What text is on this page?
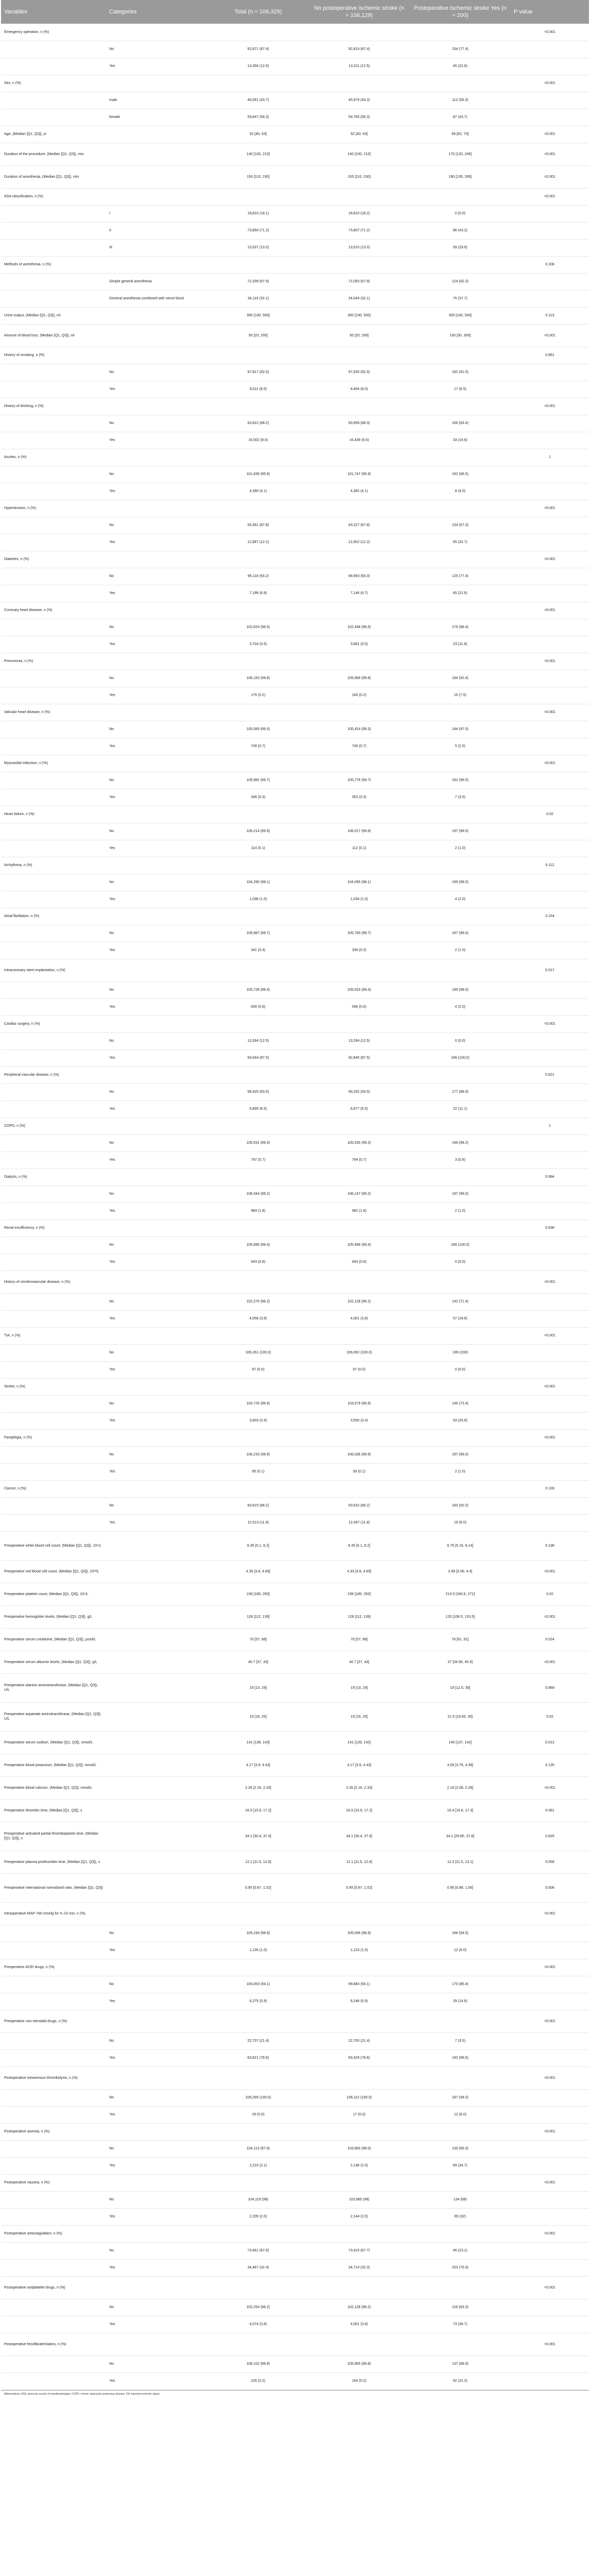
Variables	Categories	Total (n = 106,329)	No postoperative ischemic stroke (n = 106,129)	Postoperative ischemic stroke Yes (n = 200)	P value
Emergency operation, n (%)					<0.001
	No	92,871 (87.4)	92,819 (87.4)	154 (77.4)	
	Yes	13,356 (12.6)	13,311 (12.5)	45 (22.6)	
Sex, n (%)					<0.001
	male	46,091 (43.7)	45,979 (43.3)	112 (56.3)	
	female	59,847 (56.3)	59,760 (56.3)	87 (43.7)	
Age, (Median [Q1, Q3]), yr		52 [40, 63]	52 [40, 63]	66 [62, 75]	<0.001
Duration of the procedure, (Median [Q1, Q3]), min		140 [100, 210]	140 [100, 210]	170 [120, 245]	<0.001
Duration of anesthesia, (Median [Q1, Q3]), min		150 [110, 230]	155 [110, 230]	190 [135, 265]	<0.001
ASA classification, n (%)					<0.001
	I	18,810 (18.1)	18,810 (18.2)	0 (0.0)	
	II	73,850 (71.2)	73,807 (71.2)	86 (43.2)	
	III	13,537 (13.0)	13,510 (13.0)	59 (29.6)	
Methods of anesthesia, n (%)					0.108
	Simple general anesthesia	72,209 (67.9)	72,083 (67.9)	124 (62.3)	
	General anesthesia combined with nerve block	34,119 (32.1)	34,044 (32.1)	75 (37.7)	
Urine output, (Median [Q1, Q3]), ml		300 [100, 500]	300 [100, 500]	300 [100, 500]	0.113
Amount of blood loss, (Median [Q1, Q3]), ml		50 [20, 200]	50 [20, 200]	100 [30, 300]	<0.001
History of smoking, n (%)					0.661
	No	97,817 (92.0)	97,635 (92.0)	182 (91.5)	
	Yes	8,511 (8.0)	8,494 (8.0)	17 (8.5)	
History of drinking, n (%)					<0.001
	No	93,822 (88.2)	93,658 (88.3)	166 (83.4)	
	Yes	16,502 (9.0)	16,439 (9.0)	33 (16.6)	
Ascites, n (%)					1
	No	101,939 (95.9)	101,747 (95.9)	192 (96.5)	
	Yes	4,390 (4.1)	4,382 (4.1)	8 (4.0)	
Hypertension, n (%)					<0.001
	No	93,361 (87.8)	93,227 (87.8)	134 (67.3)	
	Yes	12,967 (12.2)	12,902 (12.2)	65 (32.7)	
Diabetes, n (%)					<0.001
	No	99,118 (93.2)	98,993 (93.3)	125 (77.4)	
	Yes	7,199 (6.8)	7,146 (6.7)	45 (22.6)	
Coronary heart disease, n (%)					<0.001
	No	102,624 (96.5)	102,448 (96.5)	176 (88.4)	
	Yes	3,704 (3.5)	3,681 (3.5)	23 (11.6)	
Pneumonia, n (%)					<0.001
	No	106,153 (99.8)	105,969 (99.8)	184 (92.4)	
	Yes	175 (0.2)	160 (0.2)	15 (7.5)	
Valvular heart disease, n (%)					<0.001
	No	105,583 (99.3)	105,424 (99.3)	184 (97.5)	
	Yes	745 (0.7)	740 (0.7)	5 (2.5)	
Myocardial infarction, n (%)					<0.001
	No	105,982 (99.7)	105,776 (99.7)	192 (96.5)	
	Yes	346 (0.3)	353 (0.3)	7 (3.5)	
Heart failure, n (%)					0.02
	No	106,214 (99.9)	106,017 (99.9)	197 (99.0)	
	Yes	114 (0.1)	112 (0.1)	2 (1.0)	
Arrhythmia, n (%)					0.112
	No	104,290 (98.1)	104,095 (98.1)	195 (98.0)	
	Yes	1,038 (1.0)	1,034 (1.0)	4 (2.0)	
Atrial fibrillation, n (%)					0.154
	No	105,987 (99.7)	105,790 (99.7)	197 (99.0)	
	Yes	341 (0.3)	339 (0.3)	2 (1.0)	
Intracoronary stent implantation, n (%)					0.017
	No	105,728 (99.4)	105,533 (99.4)	195 (98.0)	
	Yes	600 (0.6)	596 (0.6)	4 (2.0)	
Cardiac surgery, n (%)					<0.001
	No	13,284 (12.5)	13,284 (12.5)	0 (0.0)	
	Yes	93,044 (87.5)	92,845 (87.5)	199 (100.0)	
Peripheral vascular disease, n (%)					0.621
	No	99,429 (93.5)	99,252 (93.5)	177 (88.9)	
	Yes	6,899 (6.5)	6,877 (6.5)	22 (11.1)	
COPD, n (%)					1
	No	105,531 (99.3)	105,335 (99.3)	196 (99.2)	
	Yes	797 (0.7)	794 (0.7)	3 (0.8)	
Dialysis, n (%)					0.994
	No	106,344 (99.2)	106,147 (99.2)	197 (99.0)	
	Yes	984 (1.8)	982 (1.8)	2 (1.0)	
Renal insufficiency, n (%)					0.636
	No	105,685 (99.4)	105,486 (99.4)	199 (100.0)	
	Yes	643 (0.6)	643 (0.6)	0 (0.0)	
History of cerebrovascular disease, n (%)					<0.001
	No	102,270 (96.2)	102,128 (96.2)	142 (71.4)	
	Yes	4,058 (3.8)	4,001 (3.8)	57 (28.6)	
TIA, n (%)					<0.001
	No	106,261 (100.0)	106,062 (100.0)	199 (100)	
	Yes	67 (0.0)	67 (0.0)	0 (0.0)	
Stroke, n (%)					<0.001
	No	103,725 (96.6)	103,579 (96.6)	146 (73.4)	
	Yes	3,603 (3.4)	3,550 (3.4)	53 (26.6)	
Paraplegia, n (%)					<0.001
	No	106,233 (99.9)	106,036 (99.9)	197 (99.0)	
	Yes	95 (0.1)	93 (0.1)	2 (1.0)	
Cancer, n (%)					0.139
	No	93,815 (88.2)	93,632 (88.2)	183 (92.0)	
	Yes	12,513 (11.8)	12,497 (11.8)	16 (8.0)	
Preoperative white blood cell count, (Median [Q1, Q3]), 10⁹/L		6.35 [5.1, 8.2]	6.35 [5.1, 8.2]	6.75 [5.16, 8.14]	0.138
Preoperative red blood cell count, (Median [Q1, Q3]), 10¹²/L		4.35 [3.8, 4.69]	4.33 [3.8, 4.69]	3.99 [3.56, 4.4]	<0.001
Preoperative platelet count, (Median [Q1, Q3]), 10⁹/L		236 [185, 293]	236 [185, 293]	210.5 [160.5, 271]	0.02
Preoperative hemoglobin levels, (Median [Q1, Q3]), g/L		128 [112, 139]	128 [112, 139]	120 [108.5, 133.5]	<0.001
Preoperative serum creatinine, (Median [Q1, Q3]), µmol/L		70 [57, 86]	70 [57, 86]	76 [61, 91]	0.024
Preoperative serum albumin levels, (Median [Q1, Q3]), g/L		40.7 [37, 43]	40.7 [37, 43]	37 [34.95, 40.5]	<0.001
Preoperative alanine aminotransferase, (Median [Q1, Q3]), U/L		19 [13, 29]	19 [13, 29]	19 [12.5, 30]	0.869
Preoperative aspartate aminotransferase, (Median [Q1, Q3]), U/L		19 [16, 25]	19 [16, 25]	21.5 [16.65, 30]	0.02
Preoperative serum sodium, (Median [Q1, Q3]), mmol/L		141 [139, 143]	141 [139, 142]	140 [137, 142]	0.013
Preoperative blood potassium, (Median [Q1, Q3]), mmol/L		4.17 [3.9, 4.43]	4.17 [3.9, 4.43]	4.09 [3.76, 4.38]	0.135
Preoperative blood calcium, (Median [Q1, Q3]), mmol/L		2.26 [2.16, 2.33]	2.26 [2.16, 2.33]	2.18 [2.08, 2.28]	<0.001
Preoperative thrombin time, (Median [Q1, Q3]), s		16.5 [15.9, 17.2]	16.5 [15.9, 17.2]	16.4 [15.6, 17.3]	0.061
Preoperative activated partial thromboplastin time, (Median [Q1, Q3]), s		34.1 [30.4, 37.6]	34.1 [30.4, 37.6]	34.1 [29.85, 37.8]	0.825
Preoperative plasma prothrombin time, (Median [Q1, Q3]), s		12.1 [11.5, 12.8]	12.1 [11.5, 12.8]	12.3 [11.5, 13.1]	0.058
Preoperative international normalized ratio, (Median [Q1, Q3])		0.95 [0.87, 1.02]	0.95 [0.87, 1.02]	0.96 [0.88, 1.06]	0.006
Intraoperative MAP <60 mmHg for 5–10 min, n (%)					<0.001
	No	105,194 (98.9)	105,006 (98.9)	188 (94.5)	
	Yes	1,135 (1.0)	1,123 (1.0)	12 (6.0)	
Preoperative ACEI drugs, n (%)					<0.001
	No	100,053 (94.1)	99,884 (94.1)	170 (85.4)	
	Yes	6,275 (5.9)	6,246 (5.9)	29 (14.6)	
Preoperative non-steroidal drugs, n (%)					<0.001
	No	22,707 (21.4)	22,700 (21.4)	7 (3.5)	
	Yes	83,621 (78.6)	83,429 (78.6)	192 (96.5)	
Postoperative intravenous thrombolysis, n (%)					<0.001
	No	106,299 (100.0)	106,112 (100.0)	187 (94.0)	
	Yes	29 (0.0)	17 (0.0)	12 (6.0)	
Postoperative anemia, n (%)					<0.001
	No	104,113 (97.9)	103,983 (98.0)	130 (65.3)	
	Yes	2,215 (2.1)	2,146 (2.0)	69 (34.7)	
Postoperative nausea, n (%)					<0.001
	No	104,119 (98)	103,985 (98)	134 (68)	
	Yes	2,209 (2.0)	2,144 (2.0)	65 (32)	
Postoperative anticoagulation, n (%)					<0.001
	No	73,461 (67.6)	73,415 (67.7)	46 (23.1)	
	Yes	34,467 (32.4)	34,714 (32.3)	153 (76.9)	
Postoperative antiplatelet drugs, n (%)					<0.001
	No	102,254 (96.2)	102,128 (96.2)	126 (63.3)	
	Yes	4,074 (3.8)	4,001 (3.8)	73 (36.7)	
Postoperative fenofibrate/statins, n (%)					<0.001
	No	106,102 (99.8)	105,965 (99.8)	137 (68.8)	
	Yes	226 (0.2)	164 (0.2)	62 (31.2)	
Abbreviations: ASA, american society of anesthesiologists; COPD, chronic obstructive pulmonary disease; TIA, transient ischemic attack.
